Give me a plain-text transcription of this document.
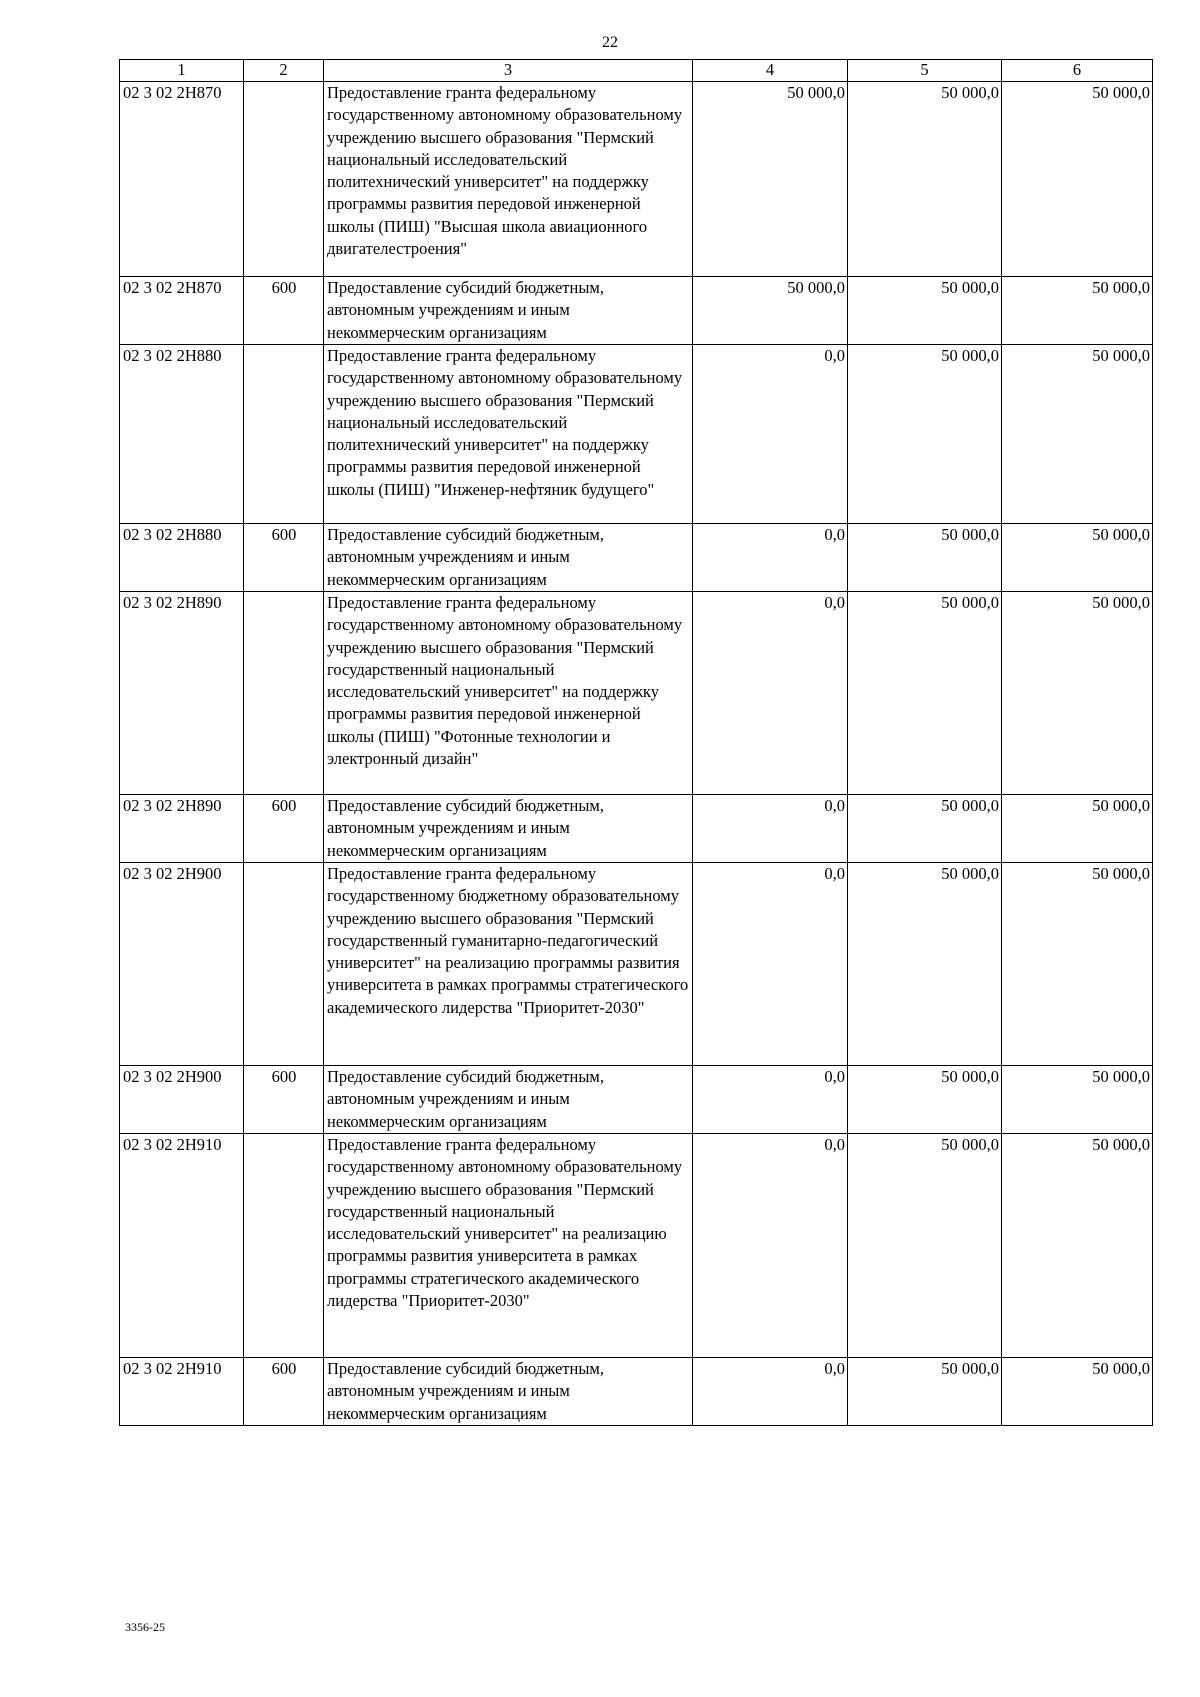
22
1	2	3	4	5	6
02 3 02 2Н870		Предоставление гранта федеральному государственному автономному образовательному учреждению высшего образования "Пермский национальный исследовательский политехнический университет" на поддержку программы развития передовой инженерной школы (ПИШ) "Высшая школа авиационного двигателестроения"	50 000,0	50 000,0	50 000,0
02 3 02 2Н870	600	Предоставление субсидий бюджетным, автономным учреждениям и иным некоммерческим организациям	50 000,0	50 000,0	50 000,0
02 3 02 2Н880		Предоставление гранта федеральному государственному автономному образовательному учреждению высшего образования "Пермский национальный исследовательский политехнический университет" на поддержку программы развития передовой инженерной школы (ПИШ) "Инженер-нефтяник будущего"	0,0	50 000,0	50 000,0
02 3 02 2Н880	600	Предоставление субсидий бюджетным, автономным учреждениям и иным некоммерческим организациям	0,0	50 000,0	50 000,0
02 3 02 2Н890		Предоставление гранта федеральному государственному автономному образовательному учреждению высшего образования "Пермский государственный национальный исследовательский университет" на поддержку программы развития передовой инженерной школы (ПИШ) "Фотонные технологии и электронный дизайн"	0,0	50 000,0	50 000,0
02 3 02 2Н890	600	Предоставление субсидий бюджетным, автономным учреждениям и иным некоммерческим организациям	0,0	50 000,0	50 000,0
02 3 02 2Н900		Предоставление гранта федеральному государственному бюджетному образовательному учреждению высшего образования "Пермский государственный гуманитарно-педагогический университет" на реализацию программы развития университета в рамках программы стратегического академического лидерства "Приоритет-2030"	0,0	50 000,0	50 000,0
02 3 02 2Н900	600	Предоставление субсидий бюджетным, автономным учреждениям и иным некоммерческим организациям	0,0	50 000,0	50 000,0
02 3 02 2Н910		Предоставление гранта федеральному государственному автономному образовательному учреждению высшего образования "Пермский государственный национальный исследовательский университет" на реализацию программы развития университета в рамках программы стратегического академического лидерства "Приоритет-2030"	0,0	50 000,0	50 000,0
02 3 02 2Н910	600	Предоставление субсидий бюджетным, автономным учреждениям и иным некоммерческим организациям	0,0	50 000,0	50 000,0
3356-25
